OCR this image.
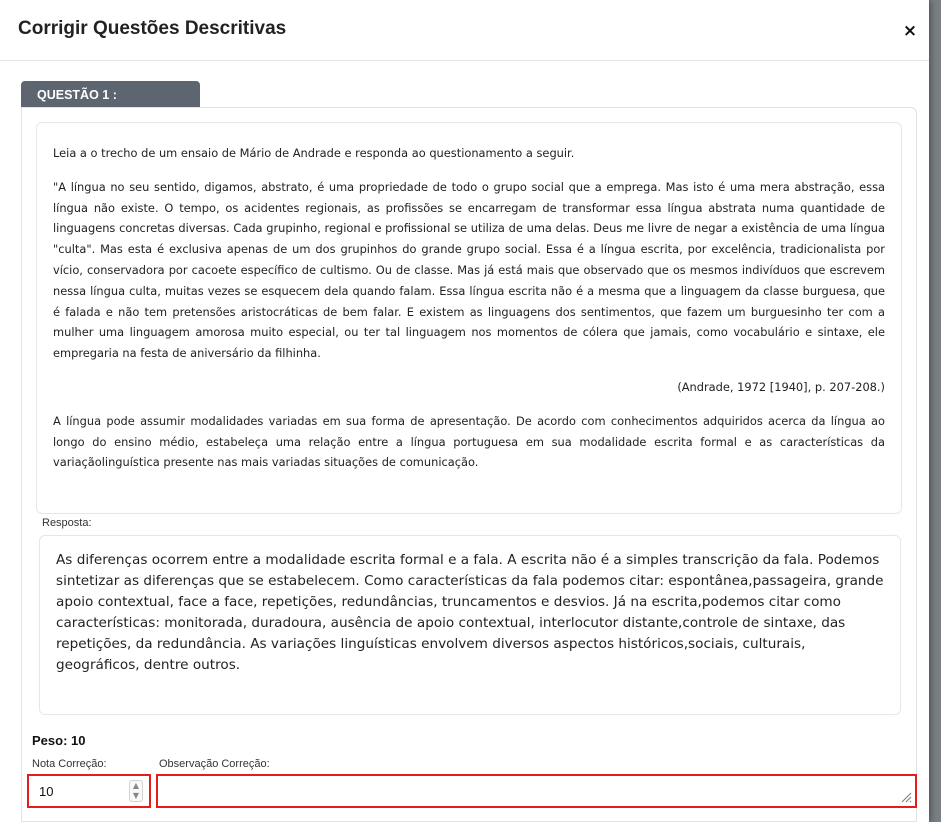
Corrigir Questões Descritivas	×
QUESTÃO 1 :

Leia a o trecho de um ensaio de Mário de Andrade e responda ao questionamento a seguir.

"A língua no seu sentido, digamos, abstrato, é uma propriedade de todo o grupo social que a emprega. Mas isto é uma mera abstração, essa língua não existe. O tempo, os acidentes regionais, as profissões se encarregam de transformar essa língua abstrata numa quantidade de linguagens concretas diversas. Cada grupinho, regional e profissional se utiliza de uma delas. Deus me livre de negar a existência de uma língua "culta". Mas esta é exclusiva apenas de um dos grupinhos do grande grupo social. Essa é a língua escrita, por excelência, tradicionalista por vício, conservadora por cacoete específico de cultismo. Ou de classe. Mas já está mais que observado que os mesmos indivíduos que escrevem nessa língua culta, muitas vezes se esquecem dela quando falam. Essa língua escrita não é a mesma que a linguagem da classe burguesa, que é falada e não tem pretensões aristocráticas de bem falar. E existem as linguagens dos sentimentos, que fazem um burguesinho ter com a mulher uma linguagem amorosa muito especial, ou ter tal linguagem nos momentos de cólera que jamais, como vocabulário e sintaxe, ele empregaria na festa de aniversário da filhinha.

(Andrade, 1972 [1940], p. 207-208.)

A língua pode assumir modalidades variadas em sua forma de apresentação. De acordo com conhecimentos adquiridos acerca da língua ao longo do ensino médio, estabeleça uma relação entre a língua portuguesa em sua modalidade escrita formal e as características da variaçãolinguística presente nas mais variadas situações de comunicação.

Resposta:

As diferenças ocorrem entre a modalidade escrita formal e a fala. A escrita não é a simples transcrição da fala. Podemos sintetizar as diferenças que se estabelecem. Como características da fala podemos citar: espontânea,passageira, grande apoio contextual, face a face, repetições, redundâncias, truncamentos e desvios. Já na escrita,podemos citar como características: monitorada, duradoura, ausência de apoio contextual, interlocutor distante,controle de sintaxe, das repetições, da redundância. As variações linguísticas envolvem diversos aspectos históricos,sociais, culturais, geográficos, dentre outros.

Peso: 10
Nota Correção:	Observação Correção:
10
▲
▼
